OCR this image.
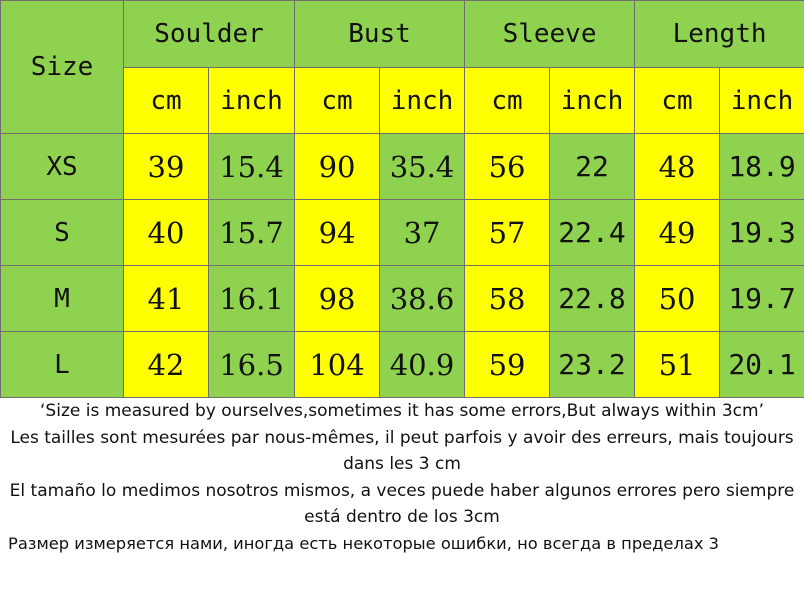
Size	Soulder		Bust		Sleeve		Length	
	cm	inch	cm	inch	cm	inch	cm	inch
XS	39	15.4	90	35.4	56	22	48	18.9
S	40	15.7	94	37	57	22.4	49	19.3
M	41	16.1	98	38.6	58	22.8	50	19.7
L	42	16.5	104	40.9	59	23.2	51	20.1

‘Size is measured by ourselves,sometimes it has some errors,But always within 3cm’

Les tailles sont mesurées par nous-mêmes, il peut parfois y avoir des erreurs, mais toujours dans les 3 cm

El tamaño lo medimos nosotros mismos, a veces puede haber algunos errores pero siempre está dentro de los 3cm

Размер измеряется нами, иногда есть некоторые ошибки, но всегда в пределах 3
